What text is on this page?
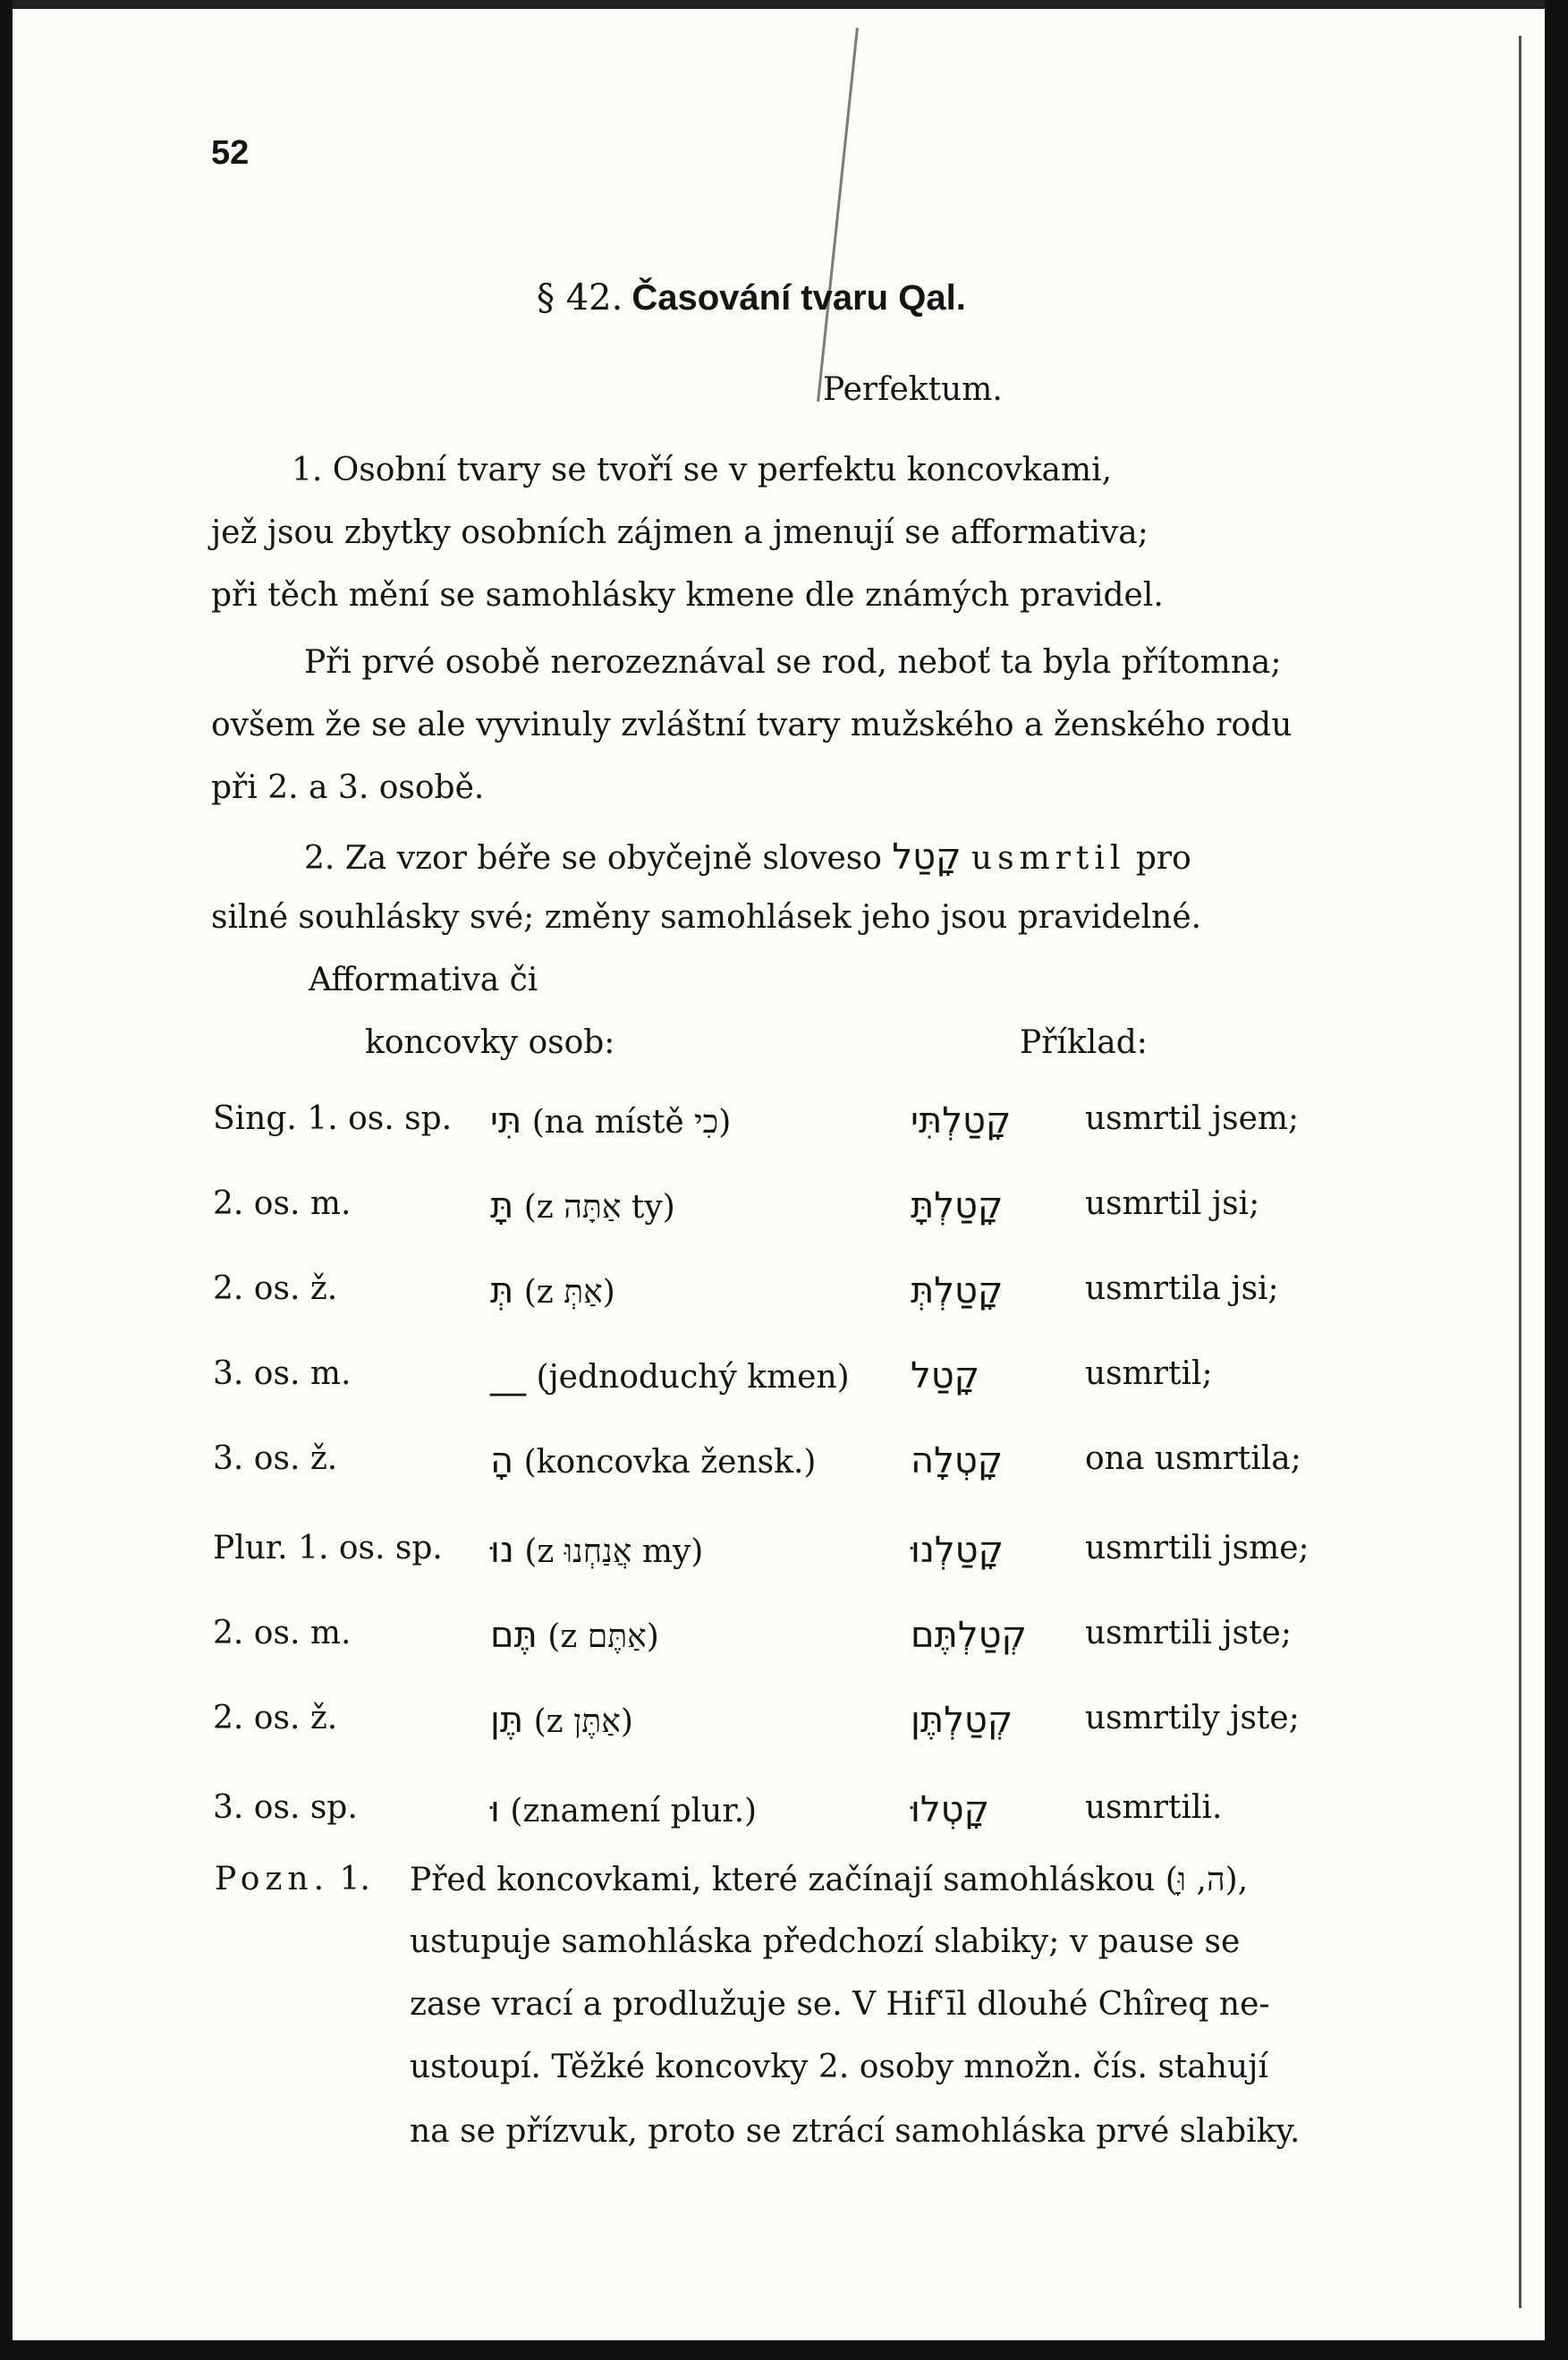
52
§ 42. Časování tvaru Qal.
Perfektum.
1. Osobní tvary se tvoří se v perfektu koncovkami,
jež jsou zbytky osobních zájmen a jmenují se afformativa;
při těch mění se samohlásky kmene dle známých pravidel.
Při prvé osobě nerozeznával se rod, neboť ta byla přítomna;
ovšem že se ale vyvinuly zvláštní tvary mužského a ženského rodu
při 2. a 3. osobě.
2. Za vzor béře se obyčejně sloveso קָטַל usmrtil pro
silné souhlásky své; změny samohlásek jeho jsou pravidelné.
Afformativa či
koncovky osob:	Příklad:
Sing. 1. os. sp. תִּי (na místě כִי)	קָטַלְתִּי usmrtil jsem;
2. os. m.	תָּ (z אַתָּה ty)	קָטַלְתָּ	usmrtil jsi;
2. os. ž.	תְּ (z אַתְּ)	קָטַלְתְּ	usmrtila jsi;
3. os. m.	__ (jednoduchý kmen) קָטַל	usmrtil;
3. os. ž.	ָה (koncovka žensk.)	קָטְלָה	ona usmrtila;
Plur. 1. os. sp. נוּ (z אֲנַחְנוּ my)	קָטַלְנוּ	usmrtili jsme;
2. os. m.	תֶּם (z אַתֶּם)	קְטַלְתֶּם usmrtili jste;
2. os. ž.	תֶּן (z אַתֶּן)	קְטַלְתֶּן usmrtily jste;
3. os. sp.	וּ (znamení plur.)	קָטְלוּ	usmrtili.
Pozn. 1. Před koncovkami, které začínají samohláskou (ָה, וּ),
ustupuje samohláska předchozí slabiky; v pause se
zase vrací a prodlužuje se. V Hifʿīl dlouhé Chîreq ne-
ustoupí. Těžké koncovky 2. osoby množn. čís. stahují
na se přízvuk, proto se ztrácí samohláska prvé slabiky.
